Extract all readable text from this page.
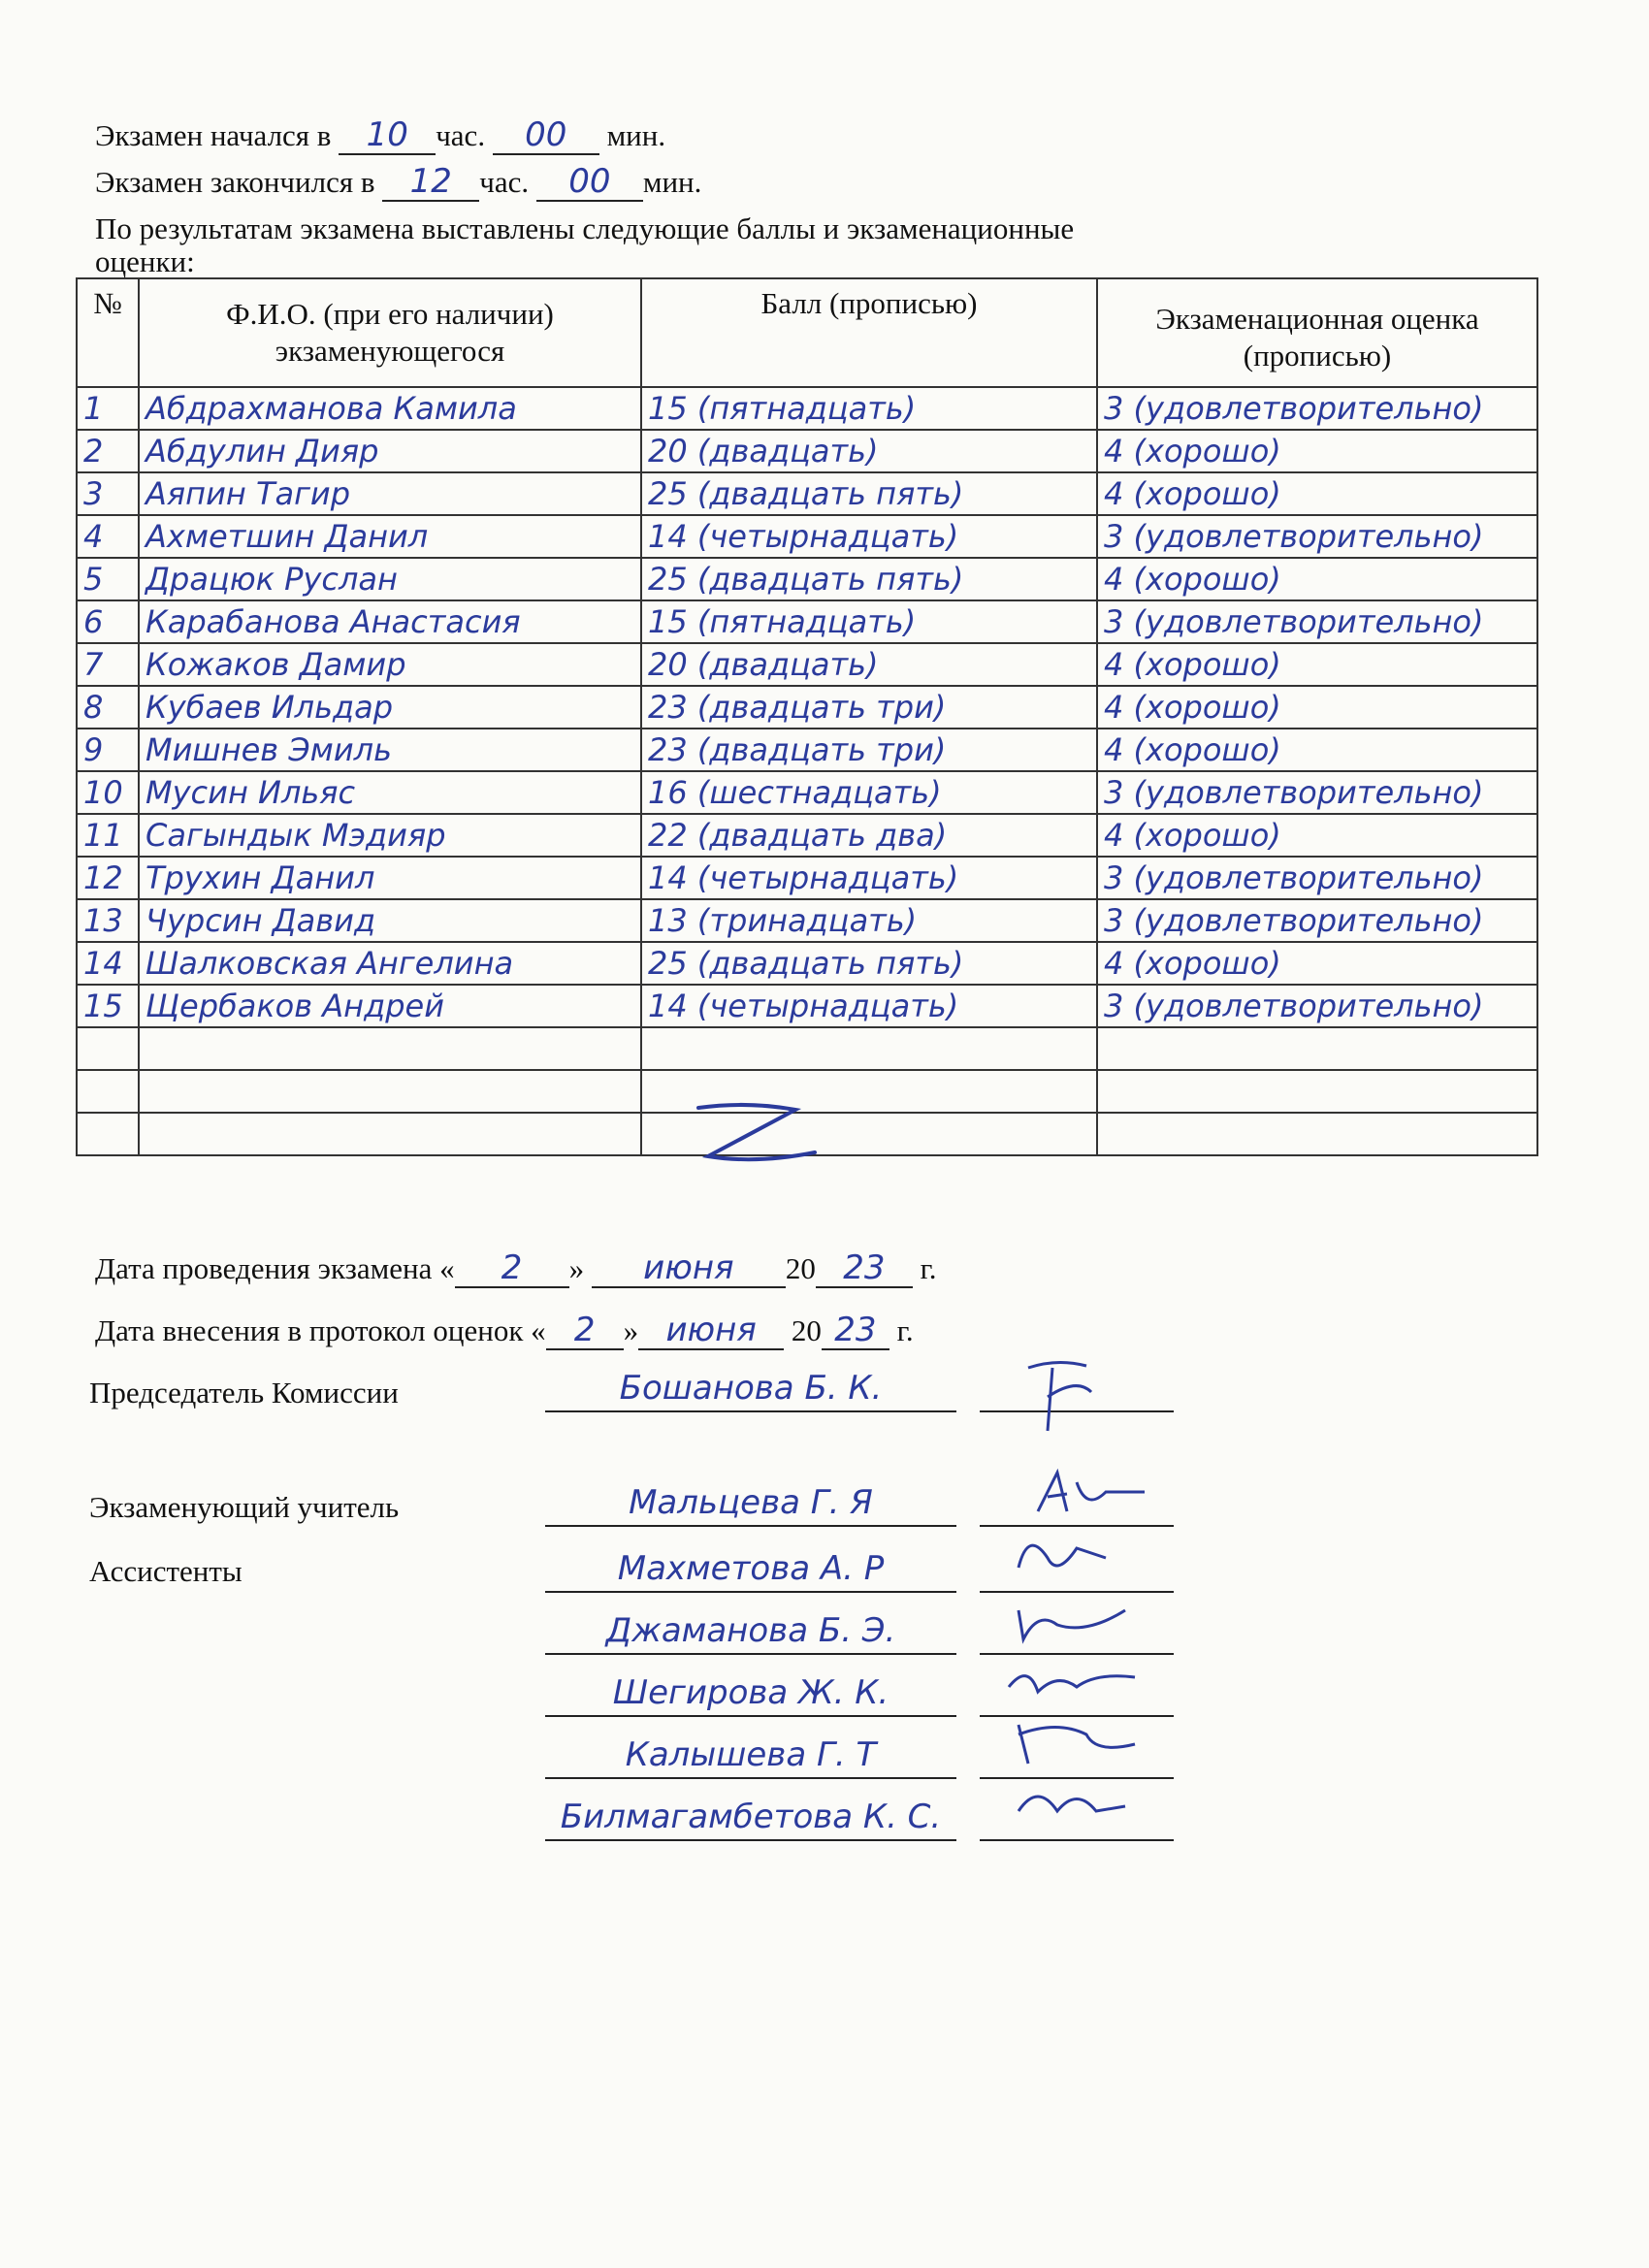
Экзамен начался в 10 час. 00 мин.
Экзамен закончился в 12 час. 00 мин.
По результатам экзамена выставлены следующие баллы и экзаменационные
оценки:
№	Ф.И.О. (при его наличии) экзаменующегося	Балл (прописью)	Экзаменационная оценка (прописью)
1	Абдрахманова Камила	15 (пятнадцать)	3 (удовлетворительно)
2	Абдулин Дияр	20 (двадцать)	4 (хорошо)
3	Аяпин Тагир	25 (двадцать пять)	4 (хорошо)
4	Ахметшин Данил	14 (четырнадцать)	3 (удовлетворительно)
5	Драцюк Руслан	25 (двадцать пять)	4 (хорошо)
6	Карабанова Анастасия	15 (пятнадцать)	3 (удовлетворительно)
7	Кожаков Дамир	20 (двадцать)	4 (хорошо)
8	Кубаев Ильдар	23 (двадцать три)	4 (хорошо)
9	Мишнев Эмиль	23 (двадцать три)	4 (хорошо)
10	Мусин Ильяс	16 (шестнадцать)	3 (удовлетворительно)
11	Сагындык Мэдияр	22 (двадцать два)	4 (хорошо)
12	Трухин Данил	14 (четырнадцать)	3 (удовлетворительно)
13	Чурсин Давид	13 (тринадцать)	3 (удовлетворительно)
14	Шалковская Ангелина	25 (двадцать пять)	4 (хорошо)
15	Щербаков Андрей	14 (четырнадцать)	3 (удовлетворительно)

Дата проведения экзамена « 2 » июня 20 23 г.
Дата внесения в протокол оценок « 2 » июня 20 23 г.
Председатель Комиссии	Бошанова Б. К.
Экзаменующий учитель	Мальцева Г. Я
Ассистенты	Махметова А. Р
Джаманова Б. Э.
Шегирова Ж. К.
Калышева Г. Т
Билмагамбетова К. С.
